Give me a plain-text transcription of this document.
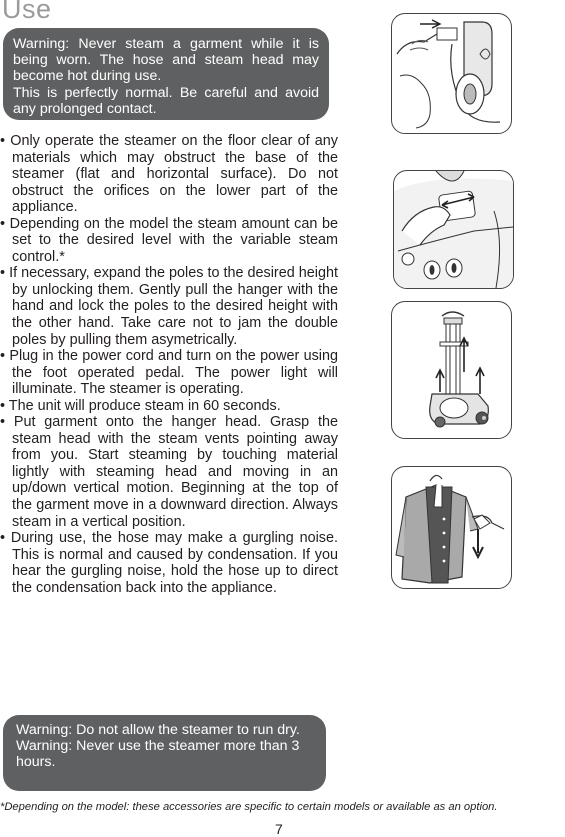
Use

Warning: Never steam a garment while it is being worn. The hose and steam head may become hot during use.

This is perfectly normal. Be careful and avoid any prolonged contact.

• Only operate the steamer on the floor clear of any materials which may obstruct the base of the steamer (flat and horizontal surface). Do not obstruct the orifices on the lower part of the appliance.

• Depending on the model the steam amount can be set to the desired level with the variable steam control.*

• If necessary, expand the poles to the desired height by unlocking them. Gently pull the hanger with the hand and lock the poles to the desired height with the other hand. Take care not to jam the double poles by pulling them asymetrically.

• Plug in the power cord and turn on the power using the foot operated pedal. The power light will illuminate. The steamer is operating.

• The unit will produce steam in 60 seconds.

• Put garment onto the hanger head. Grasp the steam head with the steam vents pointing away from you. Start steaming by touching material lightly with steaming head and moving in an up/down vertical motion. Beginning at the top of the garment move in a downward direction. Always steam in a vertical position.

• During use, the hose may make a gurgling noise. This is normal and caused by condensation. If you hear the gurgling noise, hold the hose up to direct the condensation back into the appliance.

Warning: Do not allow the steamer to run dry.

Warning: Never use the steamer more than 3 hours.

*Depending on the model: these accessories are specific to certain models or available as an option.
7
